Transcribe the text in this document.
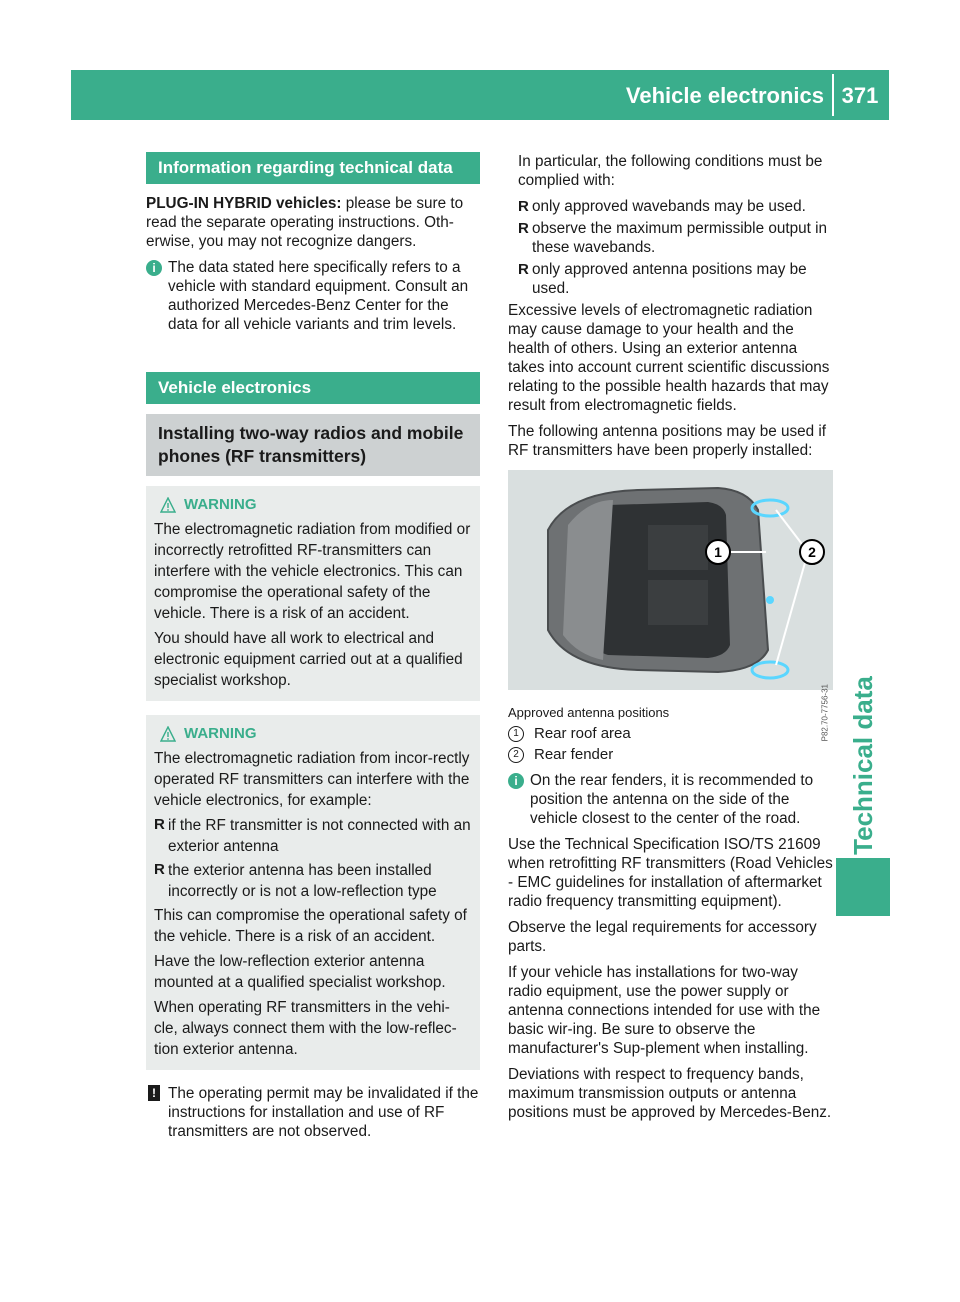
Vehicle electronics 371
Technical data
Information regarding technical data

PLUG-IN HYBRID vehicles: please be sure to read the separate operating instructions. Oth-erwise, you may not recognize dangers.

i The data stated here specifically refers to a vehicle with standard equipment. Consult an authorized Mercedes-Benz Center for the data for all vehicle variants and trim levels.

Vehicle electronics
Installing two-way radios and mobile phones (RF transmitters)
WARNING

The electromagnetic radiation from modified or incorrectly retrofitted RF-transmitters can interfere with the vehicle electronics. This can compromise the operational safety of the vehicle. There is a risk of an accident.

You should have all work to electrical and electronic equipment carried out at a qualified specialist workshop.

WARNING

The electromagnetic radiation from incor-rectly operated RF transmitters can interfere with the vehicle electronics, for example:

R if the RF transmitter is not connected with an exterior antenna

R the exterior antenna has been installed incorrectly or is not a low-reflection type

This can compromise the operational safety of the vehicle. There is a risk of an accident.

Have the low-reflection exterior antenna mounted at a qualified specialist workshop.

When operating RF transmitters in the vehi-cle, always connect them with the low-reflec-tion exterior antenna.

! The operating permit may be invalidated if the instructions for installation and use of RF transmitters are not observed.

In particular, the following conditions must be complied with:

R only approved wavebands may be used.

R observe the maximum permissible output in these wavebands.

R only approved antenna positions may be used.

Excessive levels of electromagnetic radiation may cause damage to your health and the health of others. Using an exterior antenna takes into account current scientific discussions relating to the possible health hazards that may result from electromagnetic fields.

The following antenna positions may be used if RF transmitters have been properly installed:

1	2
P82.70-7756-31

Approved antenna positions

1	Rear roof area
2	Rear fender
i On the rear fenders, it is recommended to position the antenna on the side of the vehicle closest to the center of the road.

Use the Technical Specification ISO/TS 21609 when retrofitting RF transmitters (Road Vehicles - EMC guidelines for installation of aftermarket radio frequency transmitting equipment).

Observe the legal requirements for accessory parts.

If your vehicle has installations for two-way radio equipment, use the power supply or antenna connections intended for use with the basic wir-ing. Be sure to observe the manufacturer's Sup-plement when installing.

Deviations with respect to frequency bands, maximum transmission outputs or antenna positions must be approved by Mercedes-Benz.
